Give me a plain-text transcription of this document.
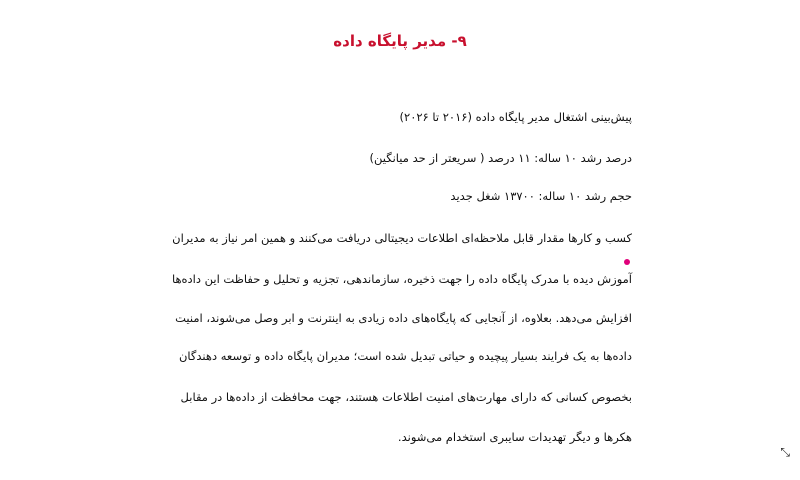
۹- مدیر پایگاه داده
پیش‌بینی اشتغال مدیر پایگاه داده (۲۰۱۶ تا ۲۰۲۶)
درصد رشد ۱۰ ساله: ۱۱ درصد ( سریعتر از حد میانگین)
حجم رشد ۱۰ ساله: ۱۳۷۰۰ شغل جدید
کسب و کارها مقدار قابل ملاحظه‌ای اطلاعات دیجیتالی دریافت می‌کنند و همین امر نیاز به مدیران
آموزش دیده با مدرک پایگاه داده را جهت ذخیره، سازماندهی، تجزیه و تحلیل و حفاظت این داده‌ها
افزایش می‌دهد. بعلاوه، از آنجایی که پایگاه‌های داده زیادی به اینترنت و ابر وصل می‌شوند، امنیت
داده‌ها به یک فرایند بسیار پیچیده و حیاتی تبدیل شده است؛ مدیران پایگاه داده و توسعه دهندگان
بخصوص کسانی که دارای مهارت‌های امنیت اطلاعات هستند، جهت محافظت از داده‌ها در مقابل
هکرها و دیگر تهدیدات سایبری استخدام می‌شوند.
⤡
